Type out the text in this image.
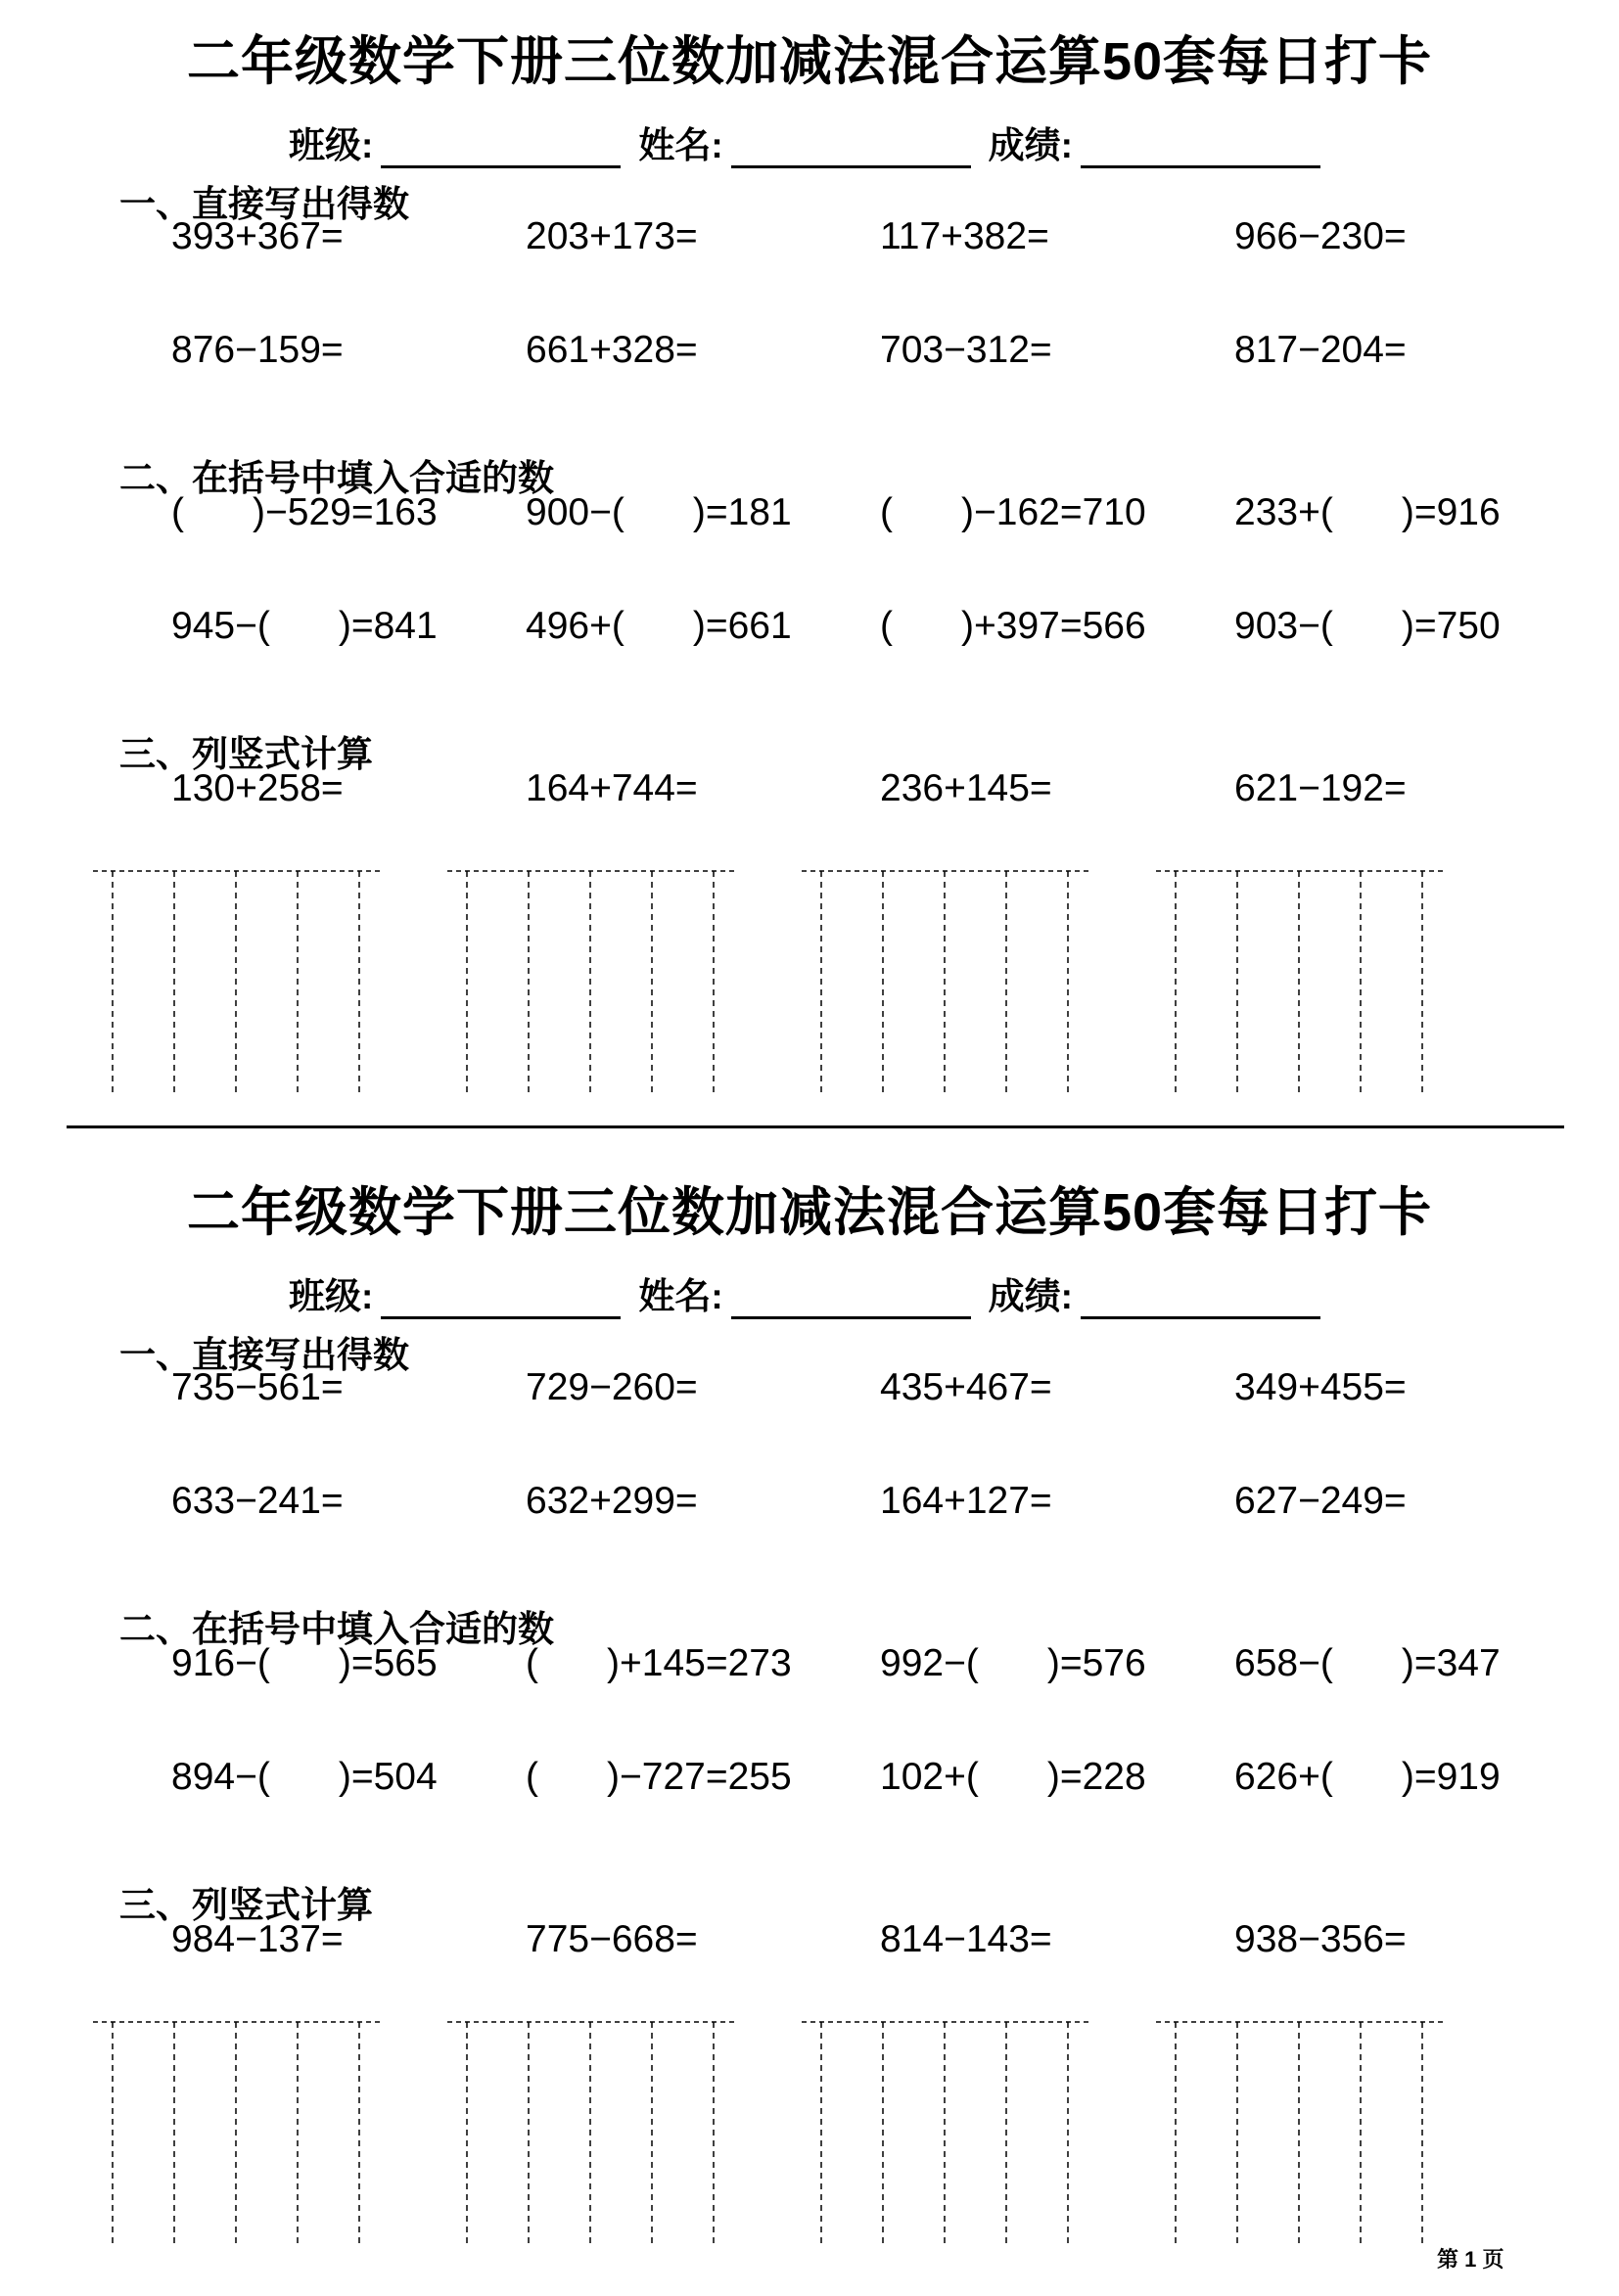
二年级数学下册三位数加减法混合运算50套每日打卡
班级:	姓名:	成绩:
一、直接写出得数
393+367=	203+173=	117+382=	966−230=
876−159=	661+328=	703−312=	817−204=
二、在括号中填入合适的数
( )−529=163 900−( )=181 ( )−162=710 233+( )=916
945−( )=841 496+( )=661 ( )+397=566 903−( )=750
三、列竖式计算
130+258=	164+744=	236+145=	621−192=
二年级数学下册三位数加减法混合运算50套每日打卡
班级:	姓名:	成绩:
一、直接写出得数
735−561=	729−260=	435+467=	349+455=
633−241=	632+299=	164+127=	627−249=
二、在括号中填入合适的数
916−( )=565 ( )+145=273 992−( )=576 658−( )=347
894−( )=504 ( )−727=255 102+( )=228 626+( )=919
三、列竖式计算
984−137=	775−668=	814−143=	938−356=
第 1 页
